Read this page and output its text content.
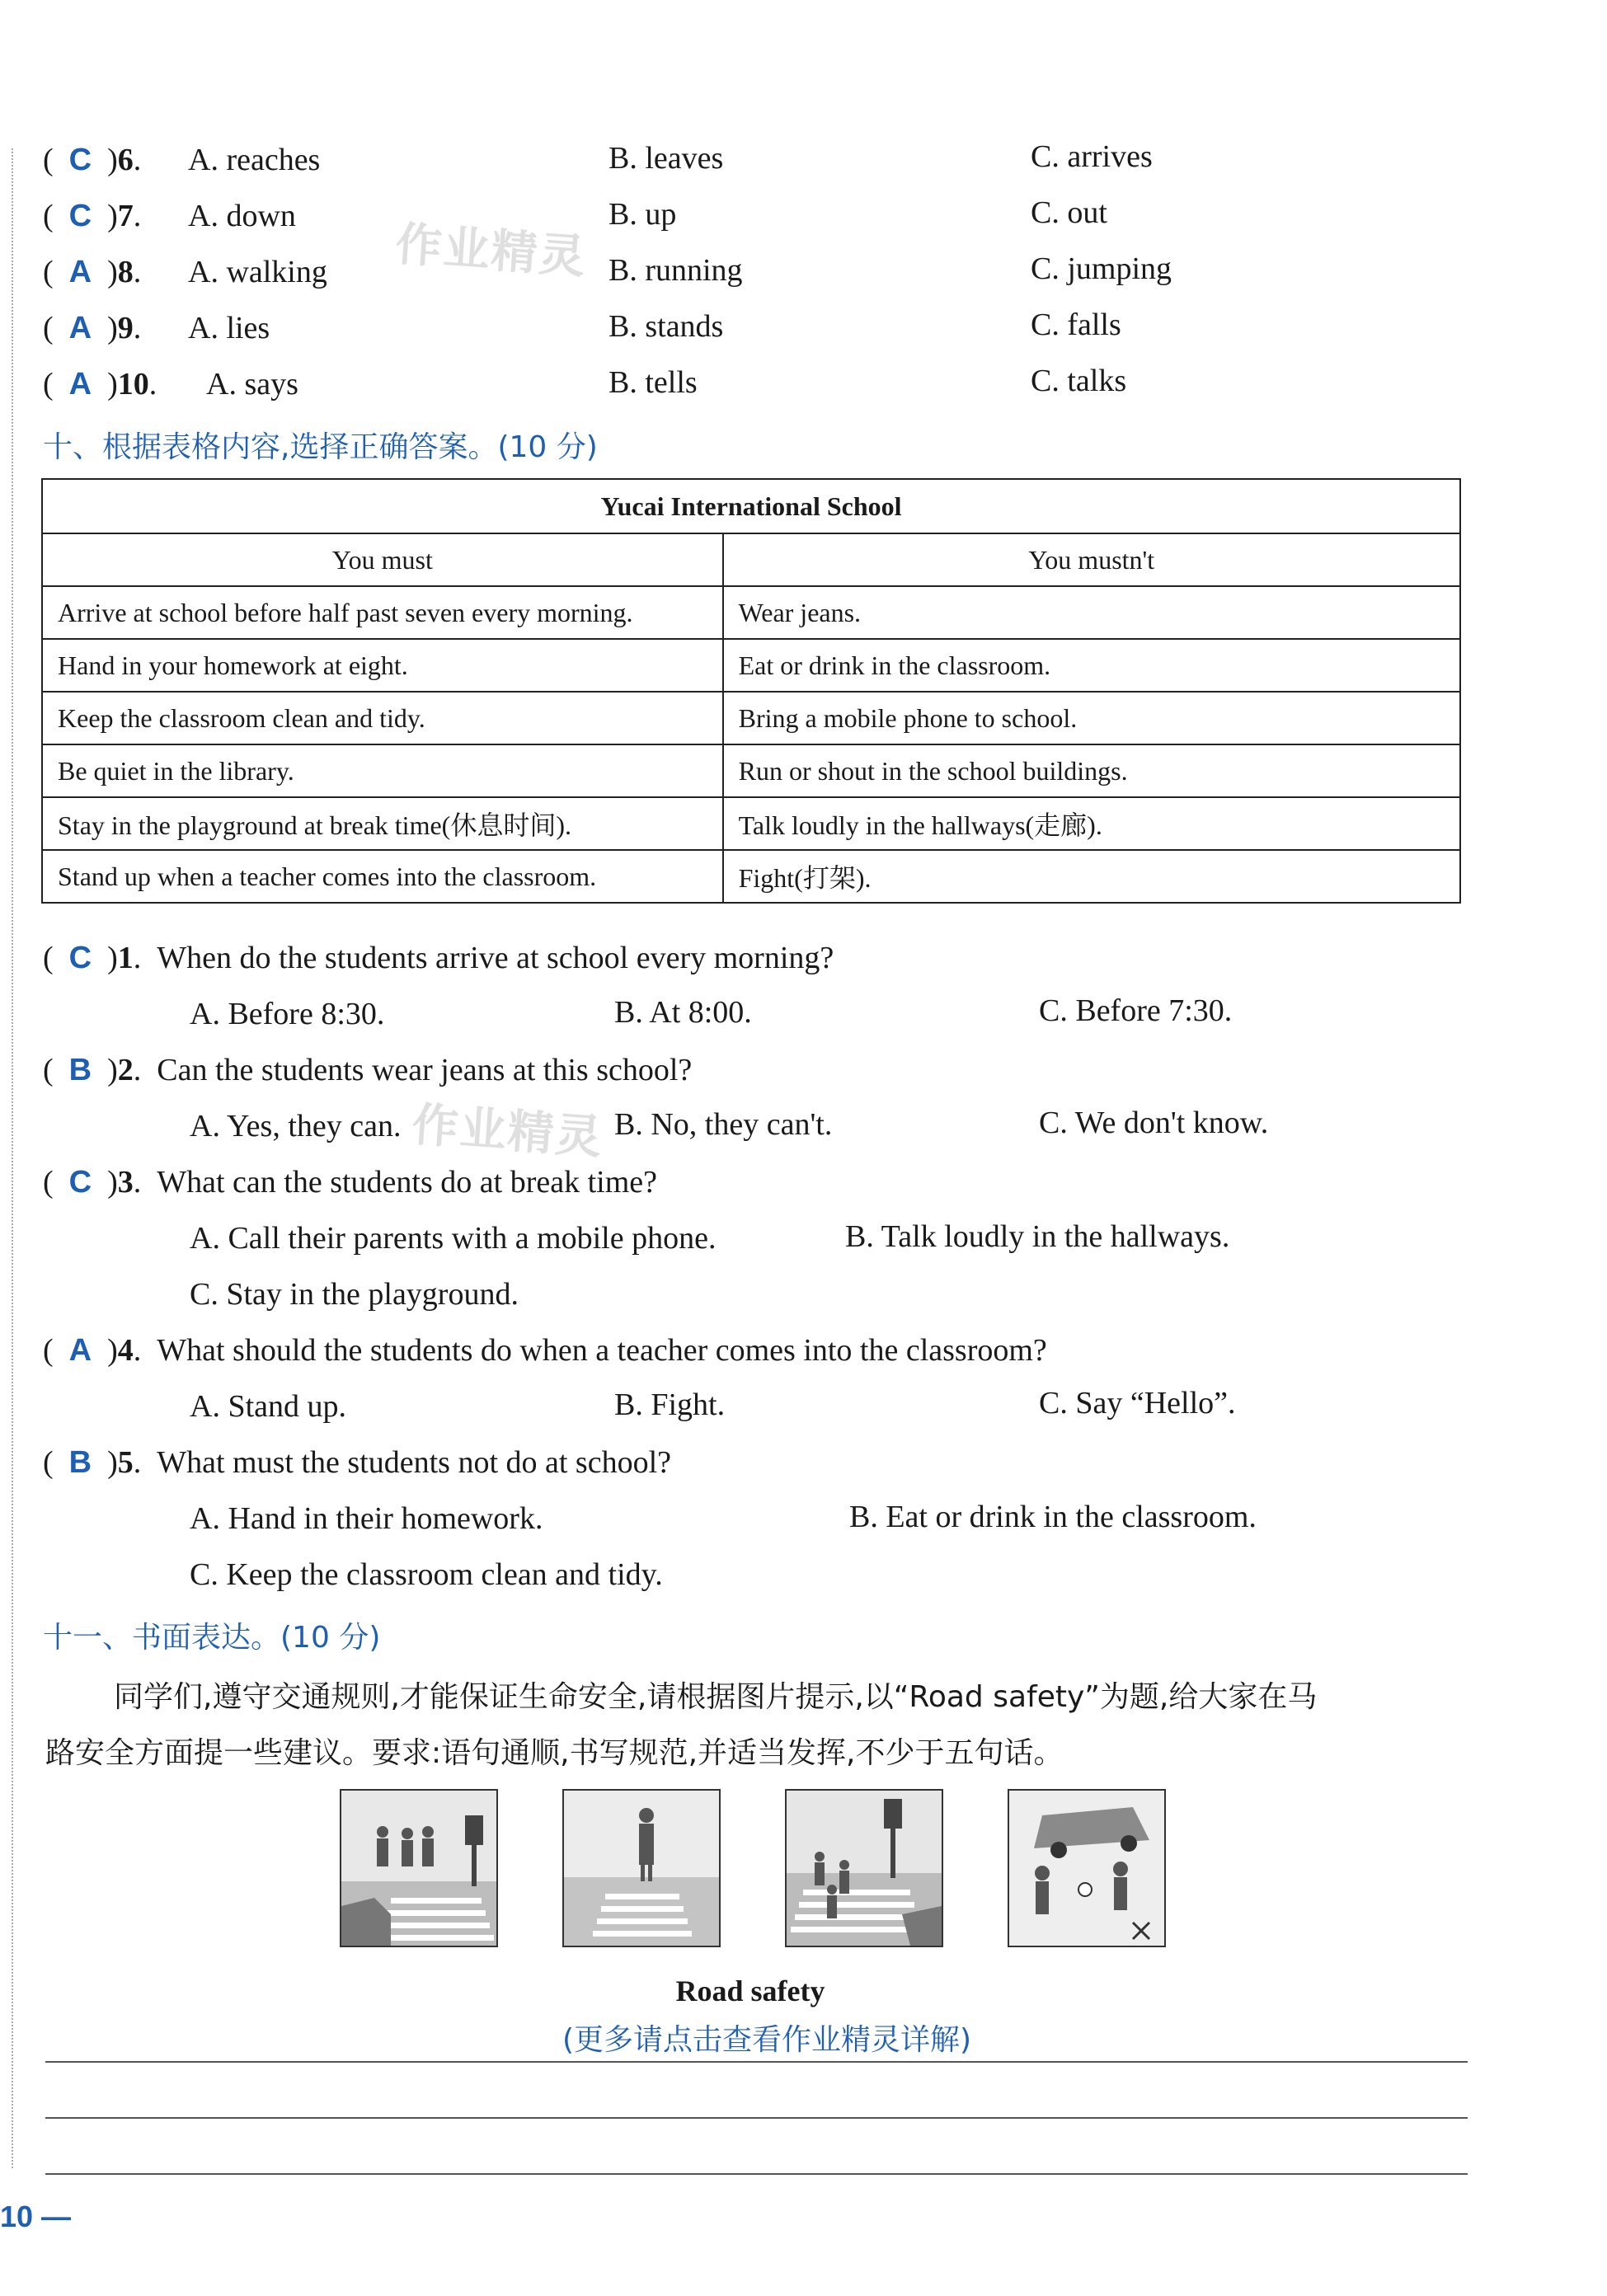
(  C  )6. A. reaches	B. leaves	C. arrives
(  C  )7. A. down	B. up	C. out
(  A  )8. A. walking	B. running	C. jumping
(  A  )9. A. lies	B. stands	C. falls
(  A  )10. A. says	B. tells	C. talks
作业精灵
十、根据表格内容,选择正确答案。(10 分)
Yucai International School	
You must	You mustn't
Arrive at school before half past seven every morning.	Wear jeans.
Hand in your homework at eight.	Eat or drink in the classroom.
Keep the classroom clean and tidy.	Bring a mobile phone to school.
Be quiet in the library.	Run or shout in the school buildings.
Stay in the playground at break time(休息时间).	Talk loudly in the hallways(走廊).
Stand up when a teacher comes into the classroom.	Fight(打架).
(  C  )1.  When do the students arrive at school every morning?
A. Before 8:30.	B. At 8:00.	C. Before 7:30.
(  B  )2.  Can the students wear jeans at this school?
A. Yes, they can.	B. No, they can't.	C. We don't know.
(  C  )3.  What can the students do at break time?
A. Call their parents with a mobile phone.	B. Talk loudly in the hallways.
C. Stay in the playground.
(  A  )4.  What should the students do when a teacher comes into the classroom?
A. Stand up.	B. Fight.	C. Say “Hello”.
(  B  )5.  What must the students not do at school?
A. Hand in their homework.	B. Eat or drink in the classroom.
C. Keep the classroom clean and tidy.
作业精灵
十一、书面表达。(10 分)
同学们,遵守交通规则,才能保证生命安全,请根据图片提示,以“Road safety”为题,给大家在马
路安全方面提一些建议。要求:语句通顺,书写规范,并适当发挥,不少于五句话。
Road safety
(更多请点击查看作业精灵详解)
10 —
